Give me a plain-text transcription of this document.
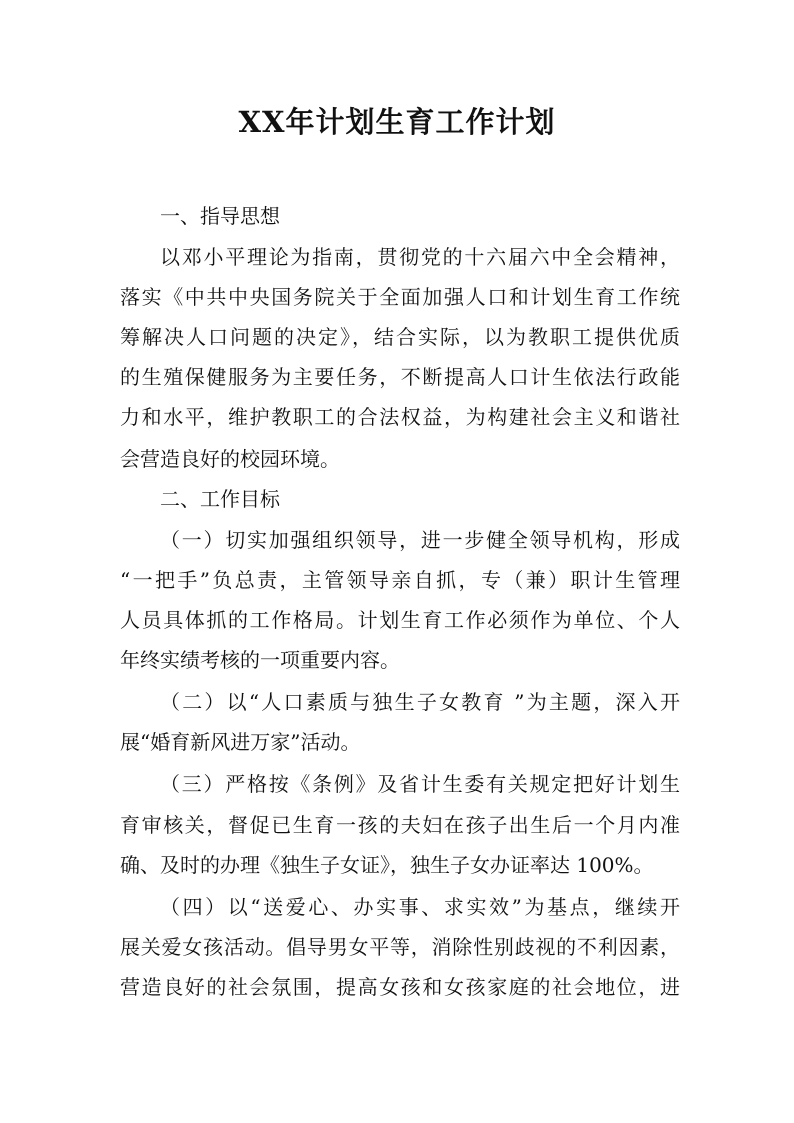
XX年计划生育工作计划
一、指导思想
以邓小平理论为指南，贯彻党的十六届六中全会精神，
落实《中共中央国务院关于全面加强人口和计划生育工作统
筹解决人口问题的决定》，结合实际，以为教职工提供优质
的生殖保健服务为主要任务，不断提高人口计生依法行政能
力和水平，维护教职工的合法权益，为构建社会主义和谐社
会营造良好的校园环境。
二、工作目标
（一）切实加强组织领导，进一步健全领导机构，形成
“一把手”负总责，主管领导亲自抓，专（兼）职计生管理
人员具体抓的工作格局。计划生育工作必须作为单位、个人
年终实绩考核的一项重要内容。
（二）以“人口素质与独生子女教育 ”为主题，深入开
展“婚育新风进万家”活动。
（三）严格按《条例》及省计生委有关规定把好计划生
育审核关，督促已生育一孩的夫妇在孩子出生后一个月内准
确、及时的办理《独生子女证》，独生子女办证率达 100%。
（四）以“送爱心、办实事、求实效”为基点，继续开
展关爱女孩活动。倡导男女平等，消除性别歧视的不利因素，
营造良好的社会氛围，提高女孩和女孩家庭的社会地位，进
